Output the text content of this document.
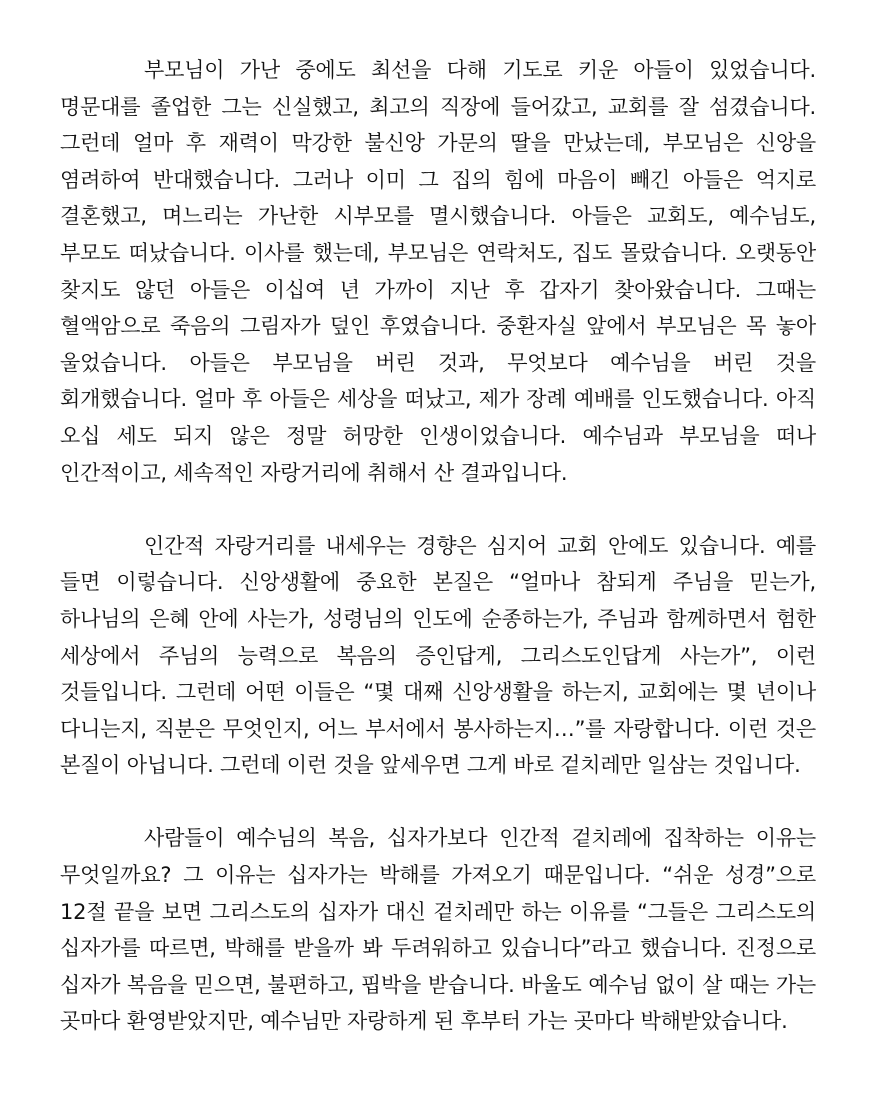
부모님이 가난 중에도 최선을 다해 기도로 키운 아들이 있었습니다. 명문대를 졸업한 그는 신실했고, 최고의 직장에 들어갔고, 교회를 잘 섬겼습니다. 그런데 얼마 후 재력이 막강한 불신앙 가문의 딸을 만났는데, 부모님은 신앙을 염려하여 반대했습니다. 그러나 이미 그 집의 힘에 마음이 빼긴 아들은 억지로 결혼했고, 며느리는 가난한 시부모를 멸시했습니다. 아들은 교회도, 예수님도, 부모도 떠났습니다. 이사를 했는데, 부모님은 연락처도, 집도 몰랐습니다. 오랫동안 찾지도 않던 아들은 이십여 년 가까이 지난 후 갑자기 찾아왔습니다. 그때는 혈액암으로 죽음의 그림자가 덮인 후였습니다. 중환자실 앞에서 부모님은 목 놓아 울었습니다. 아들은 부모님을 버린 것과, 무엇보다 예수님을 버린 것을 회개했습니다. 얼마 후 아들은 세상을 떠났고, 제가 장례 예배를 인도했습니다. 아직 오십 세도 되지 않은 정말 허망한 인생이었습니다. 예수님과 부모님을 떠나 인간적이고, 세속적인 자랑거리에 취해서 산 결과입니다.

인간적 자랑거리를 내세우는 경향은 심지어 교회 안에도 있습니다. 예를 들면 이렇습니다. 신앙생활에 중요한 본질은 “얼마나 참되게 주님을 믿는가, 하나님의 은혜 안에 사는가, 성령님의 인도에 순종하는가, 주님과 함께하면서 험한 세상에서 주님의 능력으로 복음의 증인답게, 그리스도인답게 사는가”, 이런 것들입니다. 그런데 어떤 이들은 “몇 대째 신앙생활을 하는지, 교회에는 몇 년이나 다니는지, 직분은 무엇인지, 어느 부서에서 봉사하는지…”를 자랑합니다. 이런 것은 본질이 아닙니다. 그런데 이런 것을 앞세우면 그게 바로 겉치레만 일삼는 것입니다.

사람들이 예수님의 복음, 십자가보다 인간적 겉치레에 집착하는 이유는 무엇일까요? 그 이유는 십자가는 박해를 가져오기 때문입니다. “쉬운 성경”으로 12절 끝을 보면 그리스도의 십자가 대신 겉치레만 하는 이유를 “그들은 그리스도의 십자가를 따르면, 박해를 받을까 봐 두려워하고 있습니다”라고 했습니다. 진정으로 십자가 복음을 믿으면, 불편하고, 핍박을 받습니다. 바울도 예수님 없이 살 때는 가는 곳마다 환영받았지만, 예수님만 자랑하게 된 후부터 가는 곳마다 박해받았습니다.
